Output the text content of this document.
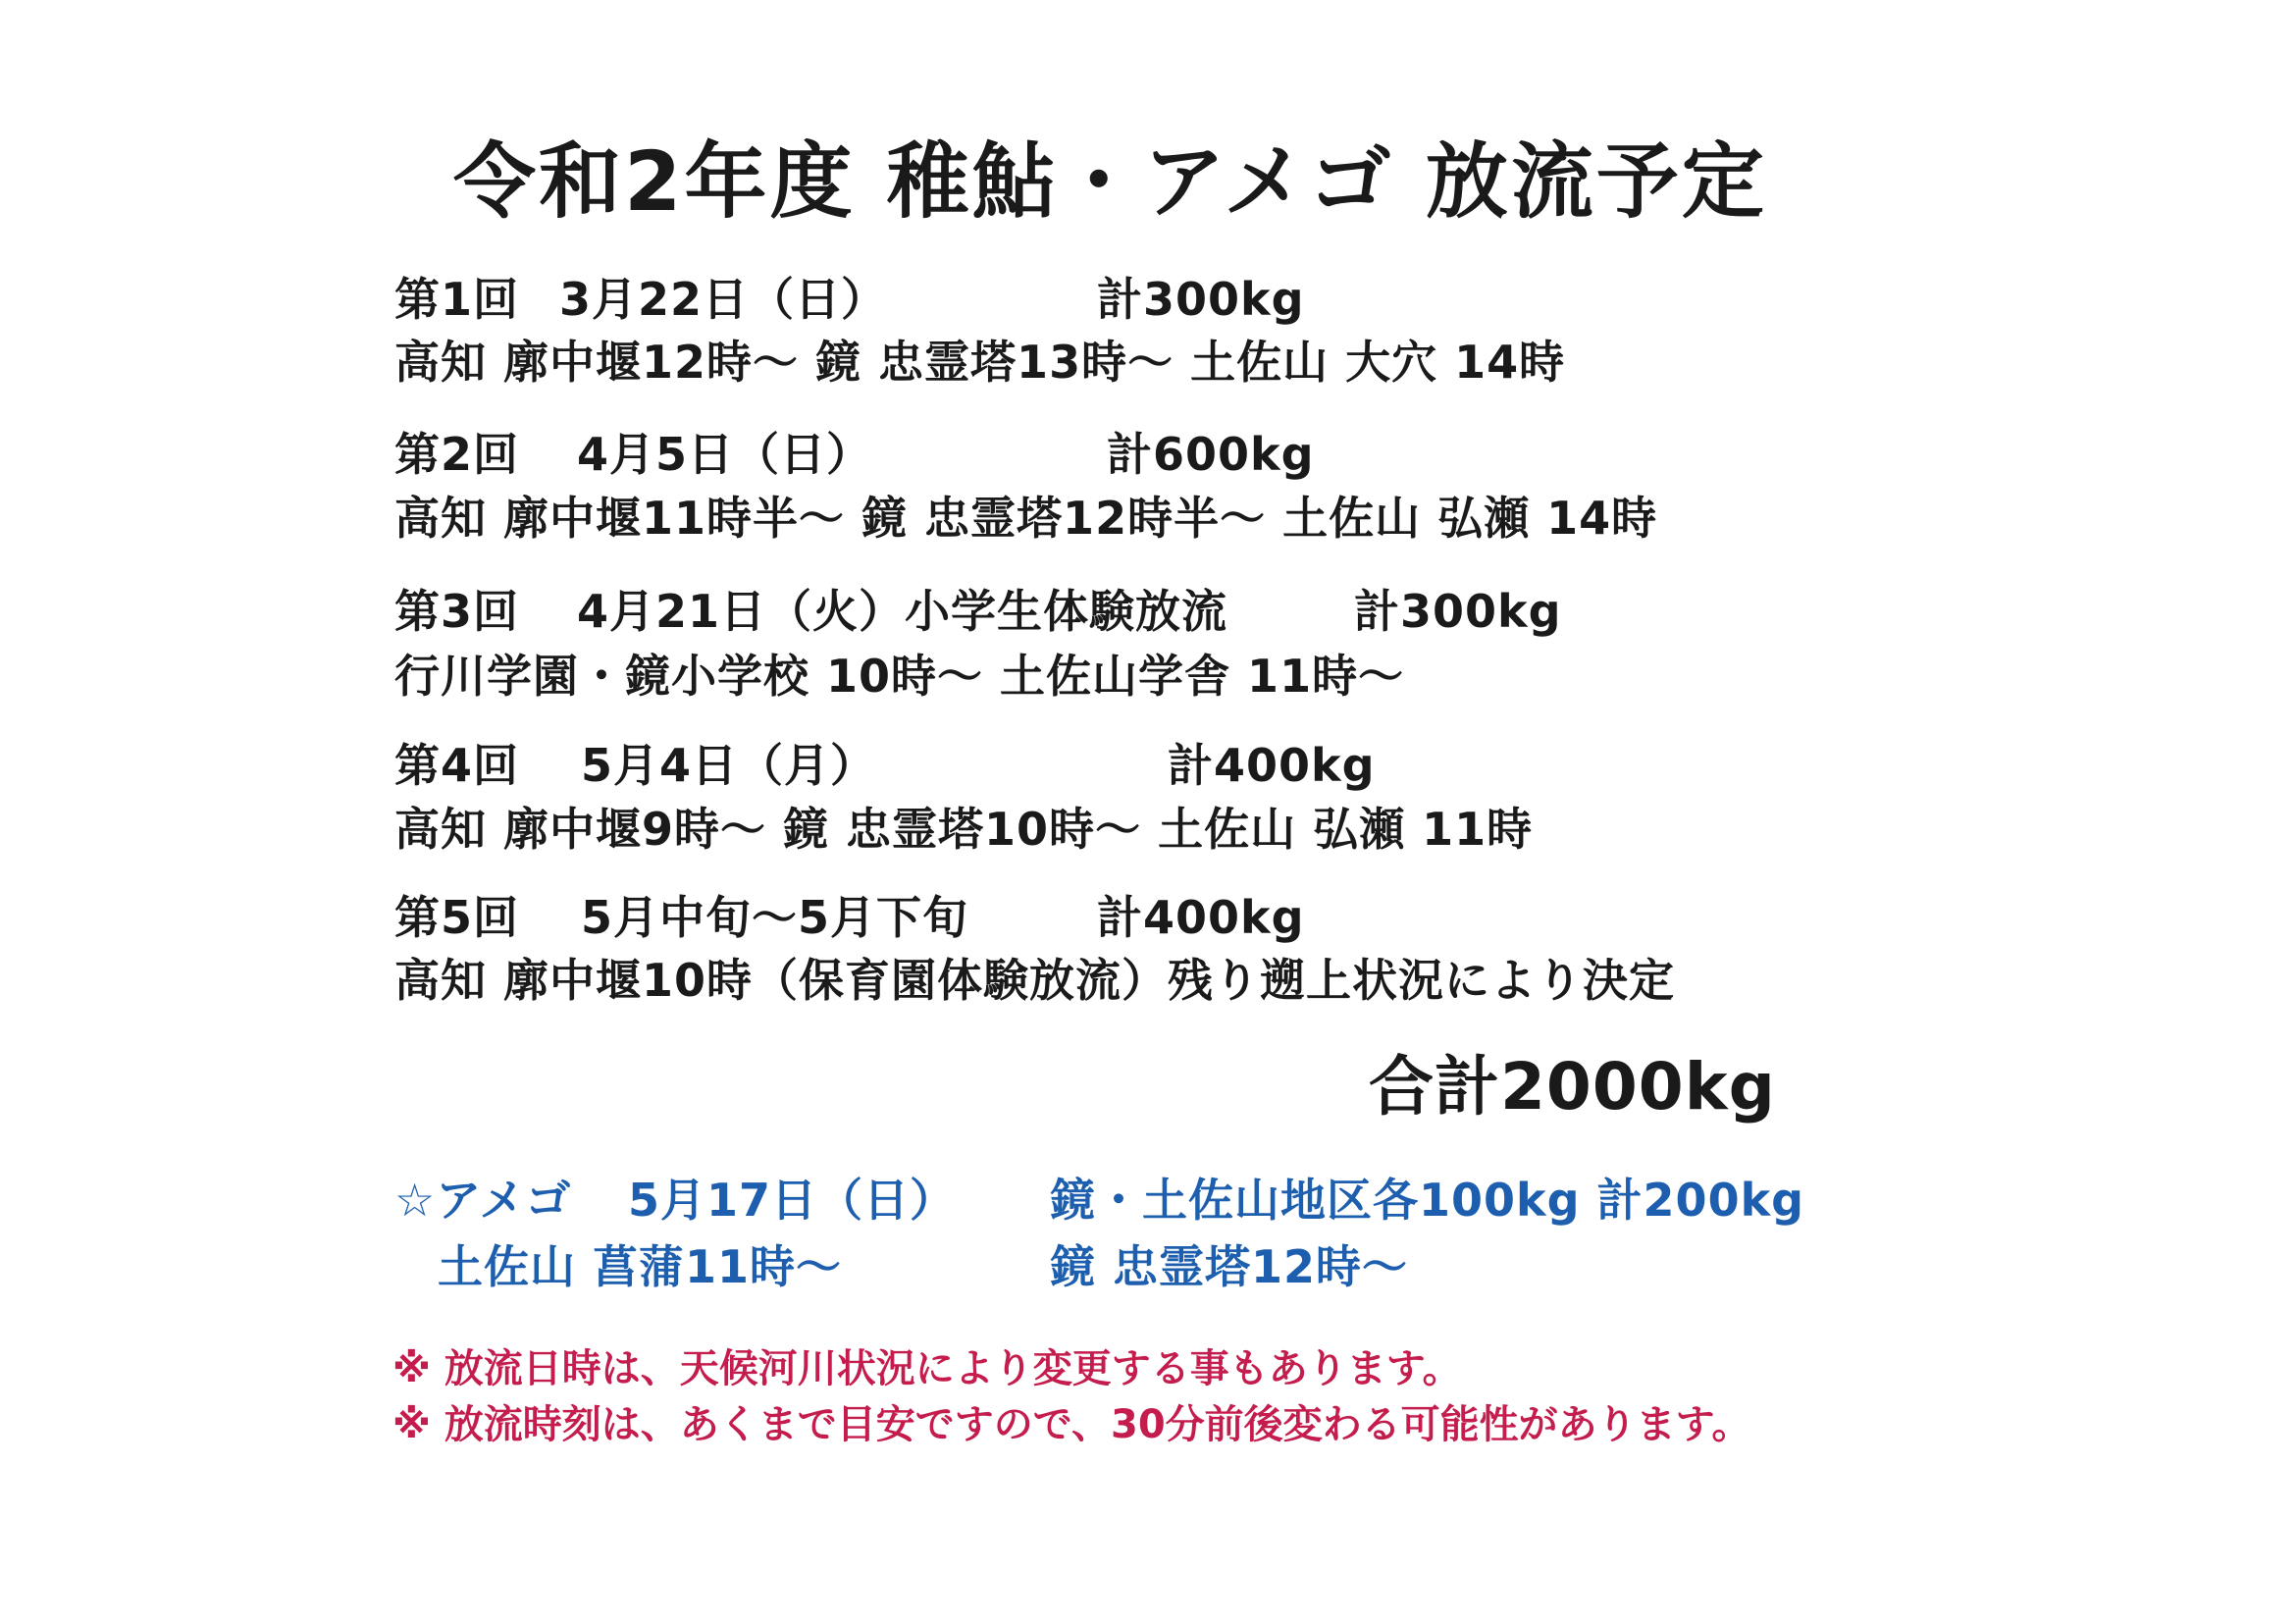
令和2年度 稚鮎・アメゴ 放流予定
第1回 3月22日（日）	計300kg
高知 廓中堰12時～ 鏡 忠霊塔13時～ 土佐山 大穴 14時
第2回 4月5日（日）	計600kg
高知 廓中堰11時半～ 鏡 忠霊塔12時半～ 土佐山 弘瀬 14時
第3回 4月21日（火）小学生体験放流	計300kg
行川学園・鏡小学校 10時～ 土佐山学舎 11時～
第4回 5月4日（月）	計400kg
高知 廓中堰9時～ 鏡 忠霊塔10時～ 土佐山 弘瀬 11時
第5回 5月中旬～5月下旬	計400kg
高知 廓中堰10時（保育園体験放流）残り遡上状況により決定
合計2000kg
☆アメゴ 5月17日（日） 鏡・土佐山地区各100kg 計200kg
土佐山 菖蒲11時～	鏡 忠霊塔12時～
※ 放流日時は、天候河川状況により変更する事もあります。
※ 放流時刻は、あくまで目安ですので、30分前後変わる可能性があります。
